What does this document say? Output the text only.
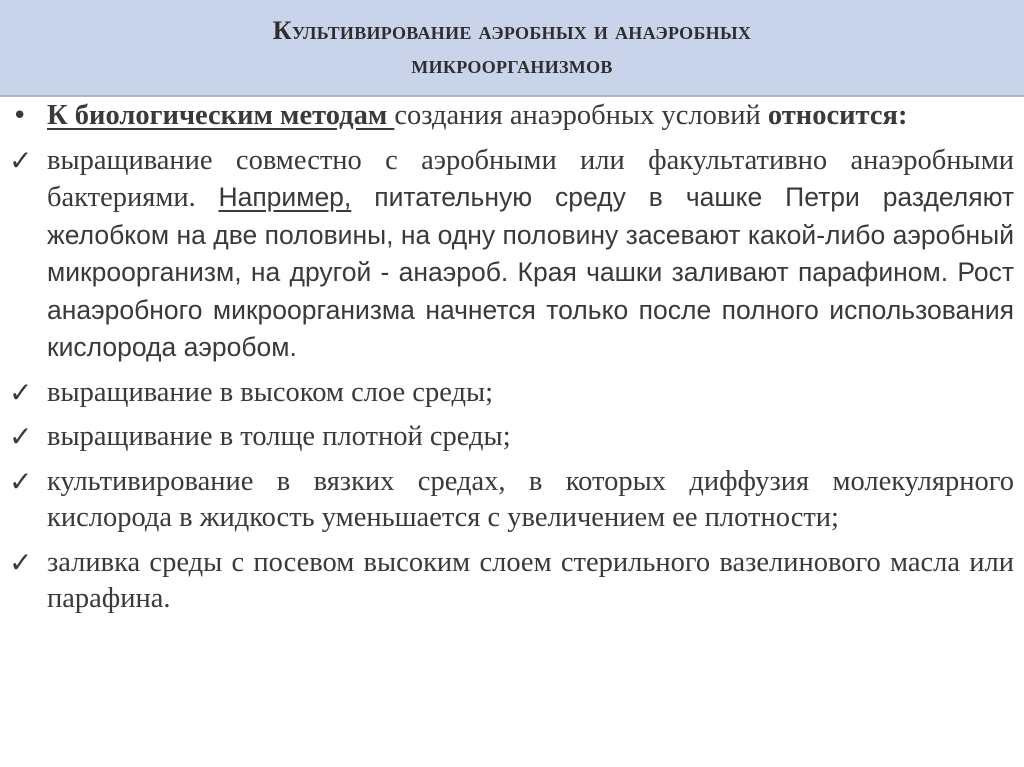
Культивирование аэробных и анаэробных
микроорганизмов
• К биологическим методам создания анаэробных условий относится:
✓ выращивание совместно с аэробными или факультативно анаэробными бактериями. Например, питательную среду в чашке Петри разделяют желобком на две половины, на одну половину засевают какой-либо аэробный микроорганизм, на другой - анаэроб. Края чашки заливают парафином. Рост анаэробного микроорганизма начнется только после полного использования кислорода аэробом.
✓ выращивание в высоком слое среды;
✓ выращивание в толще плотной среды;
✓ культивирование в вязких средах, в которых диффузия молекулярного кислорода в жидкость уменьшается с увеличением ее плотности;
✓ заливка среды с посевом высоким слоем стерильного вазелинового масла или парафина.
